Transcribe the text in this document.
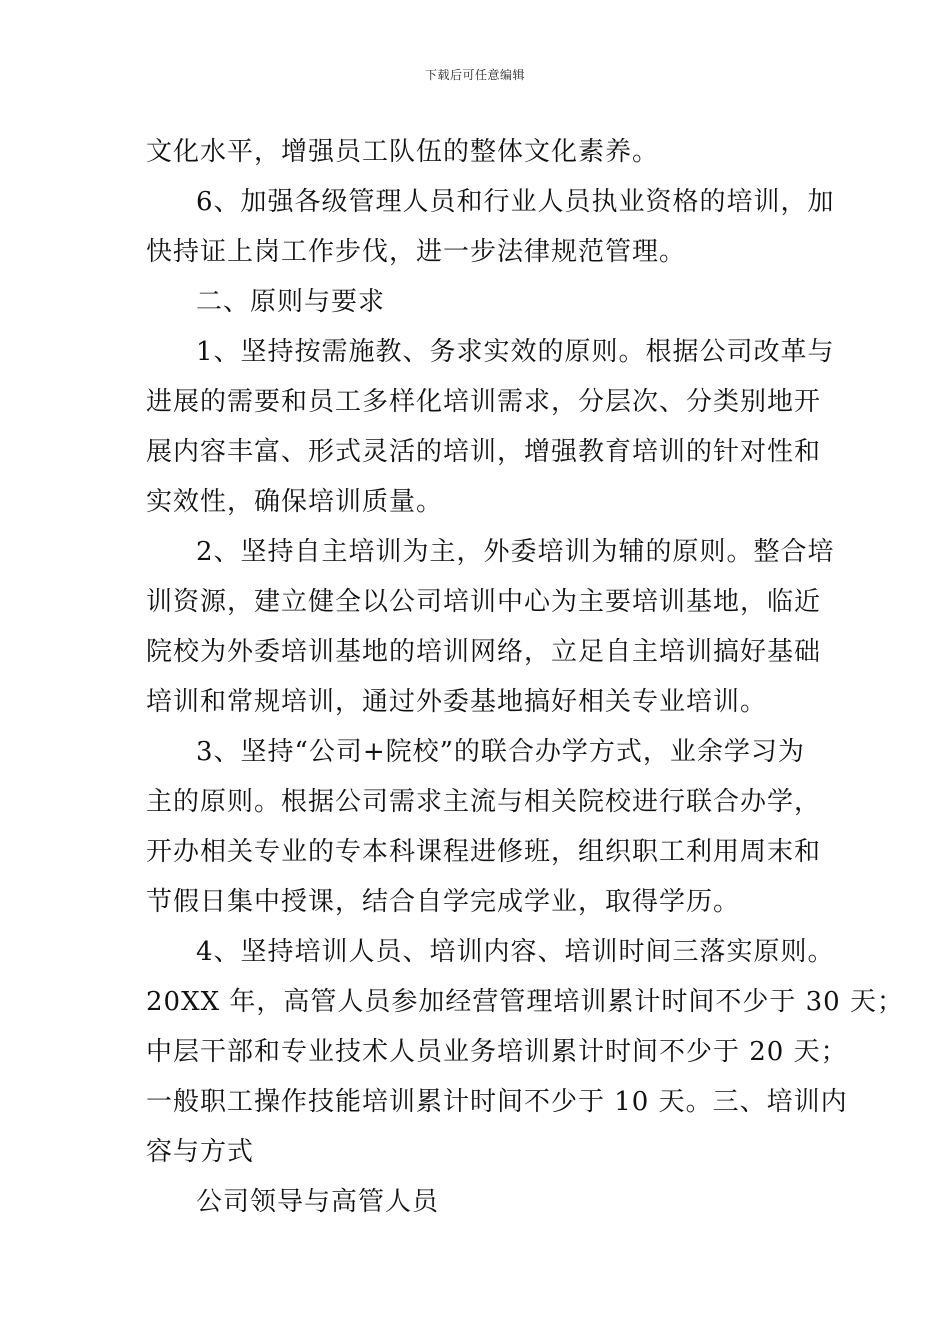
下载后可任意编辑
文化水平，增强员工队伍的整体文化素养。
6、加强各级管理人员和行业人员执业资格的培训，加
快持证上岗工作步伐，进一步法律规范管理。
二、原则与要求
1、坚持按需施教、务求实效的原则。根据公司改革与
进展的需要和员工多样化培训需求，分层次、分类别地开
展内容丰富、形式灵活的培训，增强教育培训的针对性和
实效性，确保培训质量。
2、坚持自主培训为主，外委培训为辅的原则。整合培
训资源，建立健全以公司培训中心为主要培训基地，临近
院校为外委培训基地的培训网络，立足自主培训搞好基础
培训和常规培训，通过外委基地搞好相关专业培训。
3、坚持“公司+院校”的联合办学方式，业余学习为
主的原则。根据公司需求主流与相关院校进行联合办学，
开办相关专业的专本科课程进修班，组织职工利用周末和
节假日集中授课，结合自学完成学业，取得学历。
4、坚持培训人员、培训内容、培训时间三落实原则。
20XX 年，高管人员参加经营管理培训累计时间不少于 30 天；
中层干部和专业技术人员业务培训累计时间不少于 20 天；
一般职工操作技能培训累计时间不少于 10 天。三、培训内
容与方式
公司领导与高管人员
